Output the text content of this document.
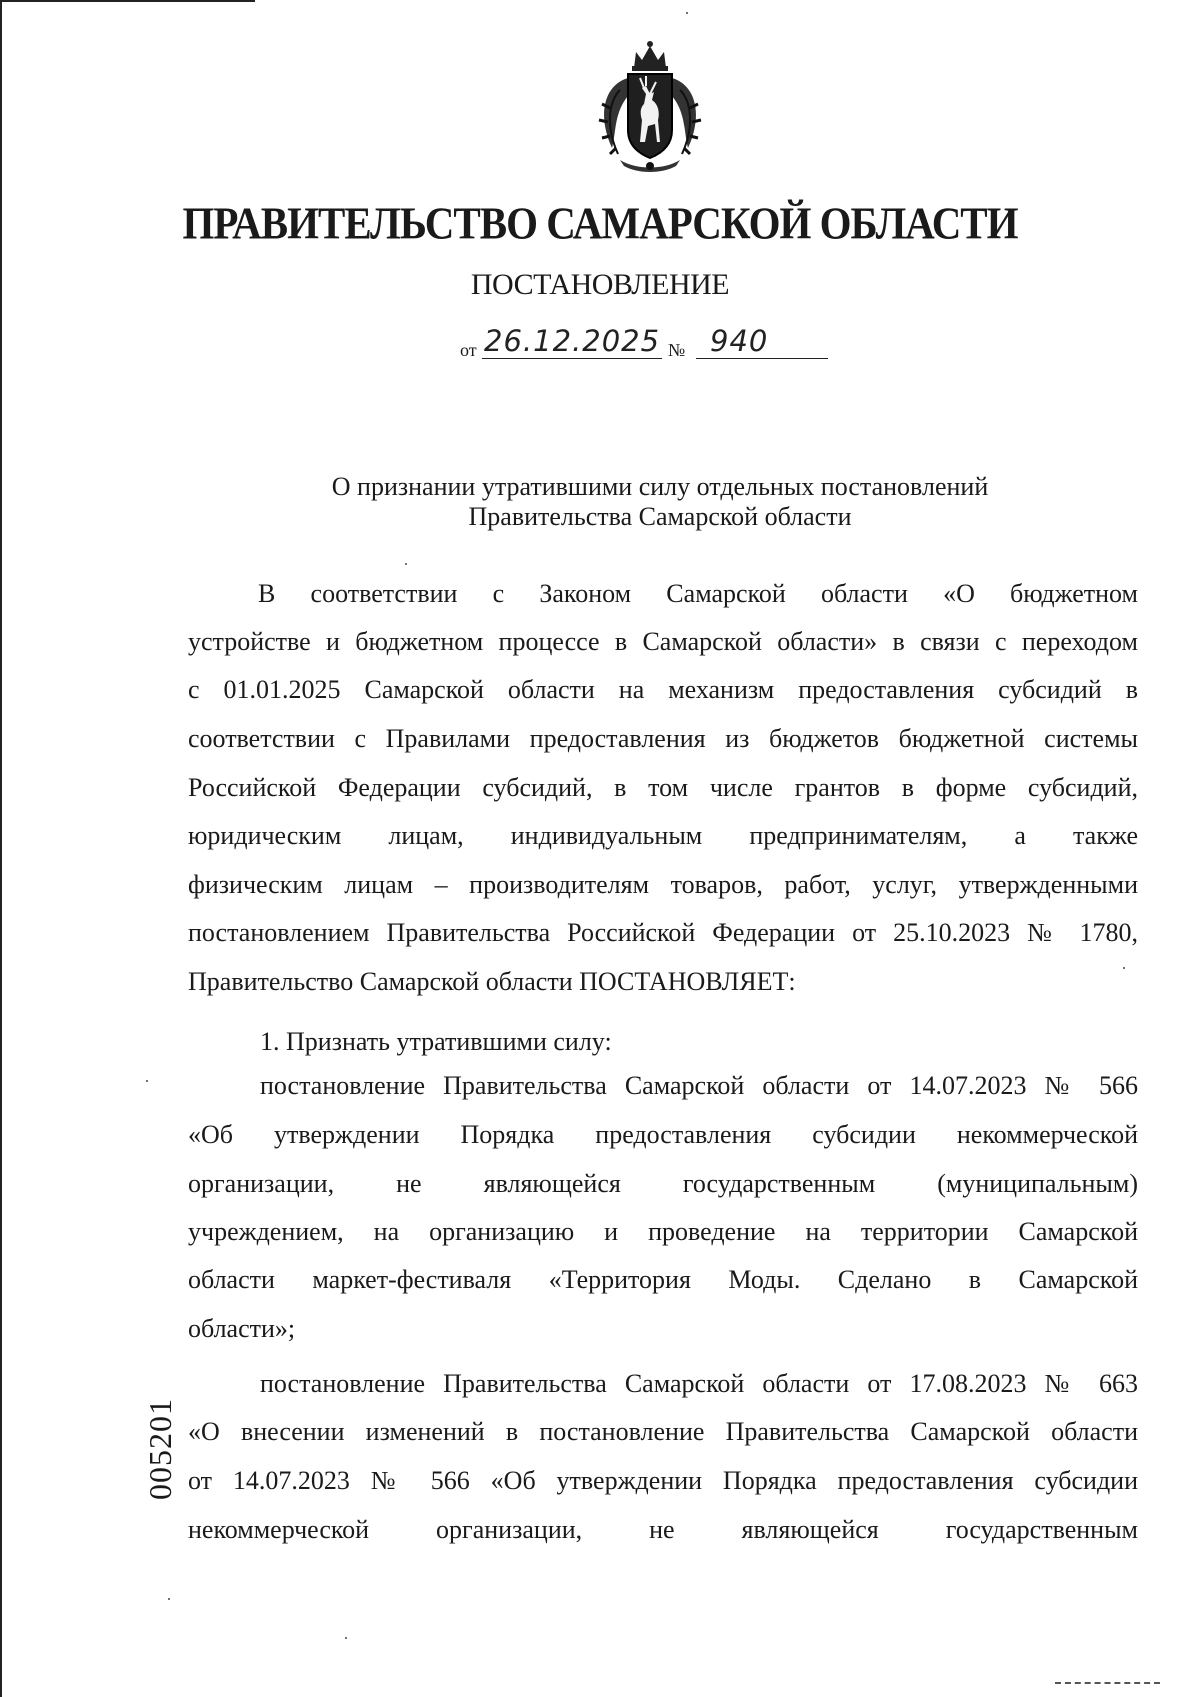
ПРАВИТЕЛЬСТВО САМАРСКОЙ ОБЛАСТИ
ПОСТАНОВЛЕНИЕ
от 26.12.2025 № 940
О признании утратившими силу отдельных постановлений
Правительства Самарской области
В соответствии с Законом Самарской области «О бюджетном
устройстве и бюджетном процессе в Самарской области» в связи с переходом
с 01.01.2025 Самарской области на механизм предоставления субсидий в
соответствии с Правилами предоставления из бюджетов бюджетной системы
Российской Федерации субсидий, в том числе грантов в форме субсидий,
юридическим лицам, индивидуальным предпринимателям, а также
физическим лицам – производителям товаров, работ, услуг, утвержденными
постановлением Правительства Российской Федерации от 25.10.2023 № 1780,
Правительство Самарской области ПОСТАНОВЛЯЕТ:
1. Признать утратившими силу:
постановление Правительства Самарской области от 14.07.2023 № 566
«Об утверждении Порядка предоставления субсидии некоммерческой
организации, не являющейся государственным (муниципальным)
учреждением, на организацию и проведение на территории Самарской
области маркет-фестиваля «Территория Моды. Сделано в Самарской
области»;
постановление Правительства Самарской области от 17.08.2023 № 663
«О внесении изменений в постановление Правительства Самарской области
от 14.07.2023 № 566 «Об утверждении Порядка предоставления субсидии
некоммерческой организации, не являющейся государственным
005201
